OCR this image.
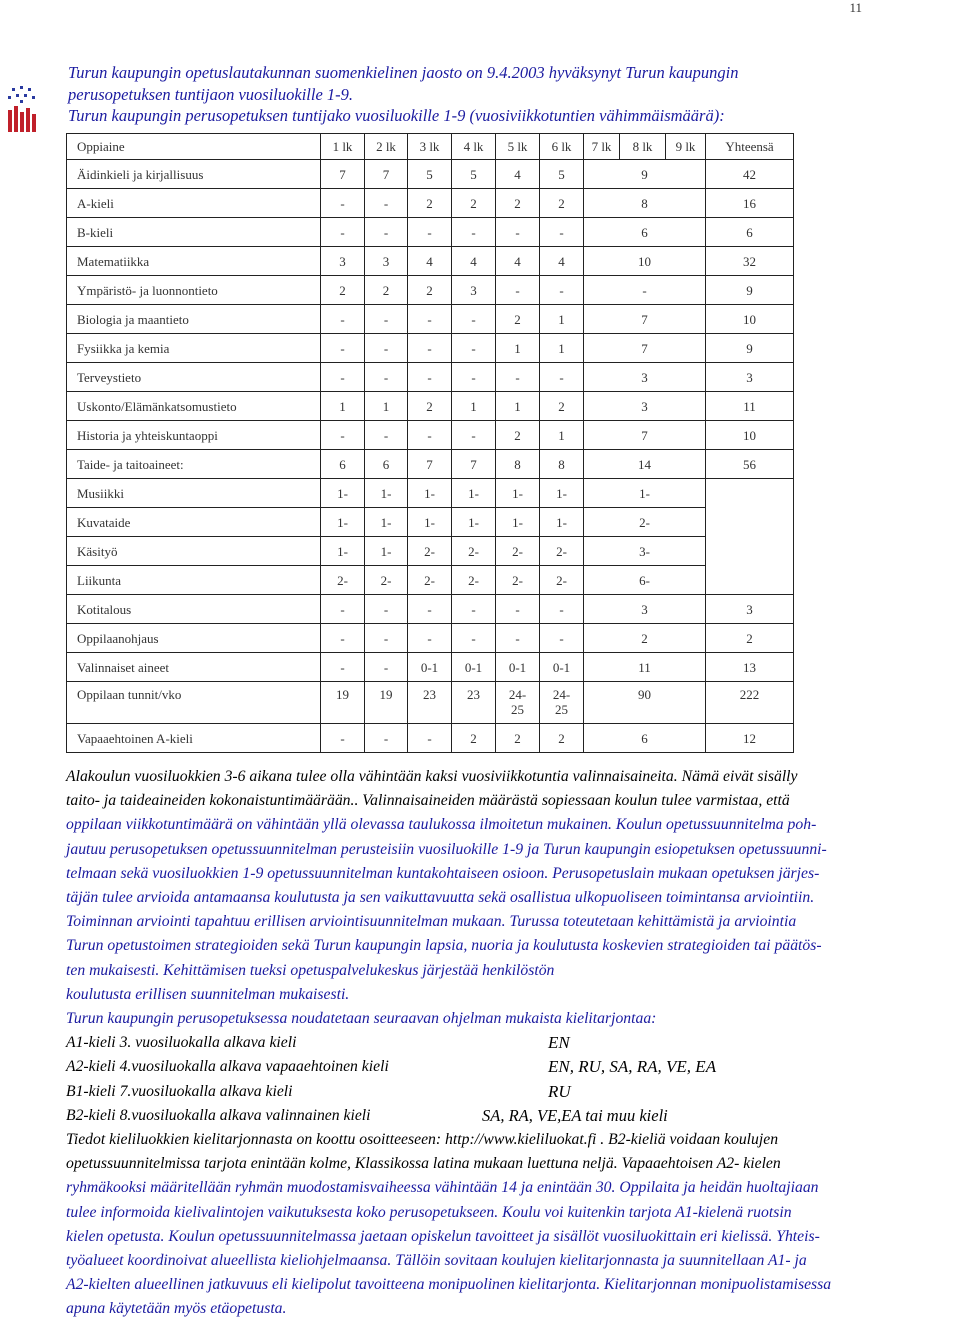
11
Turun kaupungin opetuslautakunnan suomenkielinen jaosto on 9.4.2003 hyväksynyt Turun kaupungin
perusopetuksen tuntijaon vuosiluokille 1-9.
Turun kaupungin perusopetuksen tuntijako vuosiluokille 1-9 (vuosiviikkotuntien vähimmäismäärä):
Oppiaine	1 lk	2 lk	3 lk	4 lk	5 lk	6 lk	7 lk	8 lk	9 lk	Yhteensä
Äidinkieli ja kirjallisuus	7	7	5	5	4	5	9			42
A-kieli	-	-	2	2	2	2	8			16
B-kieli	-	-	-	-	-	-	6			6
Matematiikka	3	3	4	4	4	4	10			32
Ympäristö- ja luonnontieto	2	2	2	3	-	-	-			9
Biologia ja maantieto	-	-	-	-	2	1	7			10
Fysiikka ja kemia	-	-	-	-	1	1	7			9
Terveystieto	-	-	-	-	-	-	3			3
Uskonto/Elämänkatsomustieto	1	1	2	1	1	2	3			11
Historia ja yhteiskuntaoppi	-	-	-	-	2	1	7			10
Taide- ja taitoaineet:	6	6	7	7	8	8	14			56
Musiikki	1-	1-	1-	1-	1-	1-	1-			
Kuvataide	1-	1-	1-	1-	1-	1-	2-			
Käsityö	1-	1-	2-	2-	2-	2-	3-			
Liikunta	2-	2-	2-	2-	2-	2-	6-			
Kotitalous	-	-	-	-	-	-	3			3
Oppilaanohjaus	-	-	-	-	-	-	2			2
Valinnaiset aineet	-	-	0-1	0-1	0-1	0-1	11			13
Oppilaan tunnit/vko	19	19	23	23	24-25	24-25	90			222
Vapaaehtoinen A-kieli	-	-	-	2	2	2	6			12
Alakoulun vuosiluokkien 3-6 aikana tulee olla vähintään kaksi vuosiviikkotuntia valinnaisaineita. Nämä eivät sisälly
taito- ja taideaineiden kokonaistuntimäärään.. Valinnaisaineiden määrästä sopiessaan koulun tulee varmistaa, että
oppilaan viikkotuntimäärä on vähintään yllä olevassa taulukossa ilmoitetun mukainen. Koulun opetussuunnitelma poh-
jautuu perusopetuksen opetussuunnitelman perusteisiin vuosiluokille 1-9 ja Turun kaupungin esiopetuksen opetussuunni-
telmaan sekä vuosiluokkien 1-9 opetussuunnitelman kuntakohtaiseen osioon. Perusopetuslain mukaan opetuksen järjes-
täjän tulee arvioida antamaansa koulutusta ja sen vaikuttavuutta sekä osallistua ulkopuoliseen toimintansa arviointiin.
Toiminnan arviointi tapahtuu erillisen arviointisuunnitelman mukaan. Turussa toteutetaan kehittämistä ja arviointia
Turun opetustoimen strategioiden sekä Turun kaupungin lapsia, nuoria ja koulutusta koskevien strategioiden tai päätös-
ten mukaisesti. Kehittämisen tueksi opetuspalvelukeskus järjestää henkilöstön
koulutusta erillisen suunnitelman mukaisesti.
Turun kaupungin perusopetuksessa noudatetaan seuraavan ohjelman mukaista kielitarjontaa:
A1-kieli 3. vuosiluokalla alkava kieli	EN
A2-kieli 4.vuosiluokalla alkava vapaaehtoinen kieli	EN, RU, SA, RA, VE, EA
B1-kieli 7.vuosiluokalla alkava kieli	RU
B2-kieli 8.vuosiluokalla alkava valinnainen kieli	SA, RA, VE,EA tai muu kieli
Tiedot kieliluokkien kielitarjonnasta on koottu osoitteeseen: http://www.kieliluokat.fi . B2-kieliä voidaan koulujen
opetussuunnitelmissa tarjota enintään kolme, Klassikossa latina mukaan luettuna neljä. Vapaaehtoisen A2- kielen
ryhmäkooksi määritellään ryhmän muodostamisvaiheessa vähintään 14 ja enintään 30. Oppilaita ja heidän huoltajiaan
tulee informoida kielivalintojen vaikutuksesta koko perusopetukseen. Koulu voi kuitenkin tarjota A1-kielenä ruotsin
kielen opetusta. Koulun opetussuunnitelmassa jaetaan opiskelun tavoitteet ja sisällöt vuosiluokittain eri kielissä. Yhteis-
työalueet koordinoivat alueellista kieliohjelmaansa. Tällöin sovitaan koulujen kielitarjonnasta ja suunnitellaan A1- ja
A2-kielten alueellinen jatkuvuus eli kielipolut tavoitteena monipuolinen kielitarjonta. Kielitarjonnan monipuolistamisessa
apuna käytetään myös etäopetusta.
